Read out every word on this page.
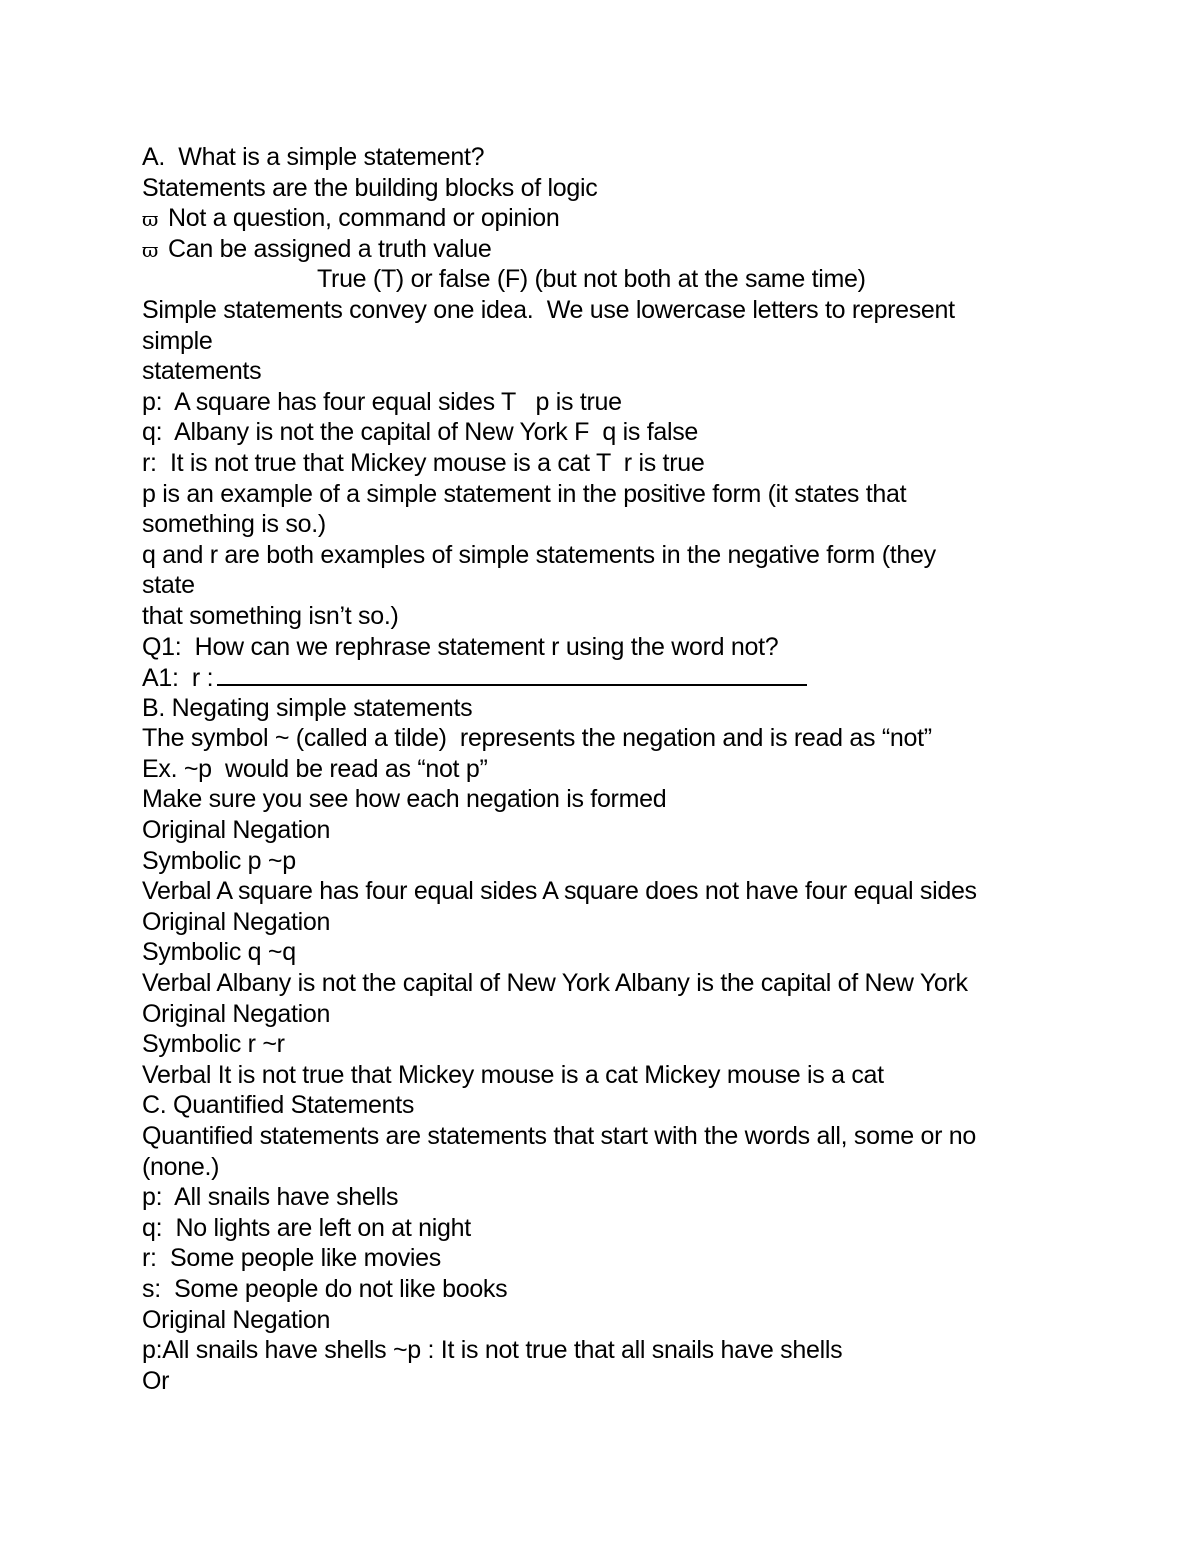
A.  What is a simple statement?
Statements are the building blocks of logic
ϖ Not a question, command or opinion
ϖ Can be assigned a truth value
True (T) or false (F) (but not both at the same time)
Simple statements convey one idea.  We use lowercase letters to represent
simple
statements
p:  A square has four equal sides T   p is true
q:  Albany is not the capital of New York F  q is false
r:  It is not true that Mickey mouse is a cat T  r is true
p is an example of a simple statement in the positive form (it states that
something is so.)
q and r are both examples of simple statements in the negative form (they
state
that something isn’t so.)
Q1:  How can we rephrase statement r using the word not?
A1:  r :
B. Negating simple statements
The symbol ~ (called a tilde)  represents the negation and is read as “not”
Ex. ~p  would be read as “not p”
Make sure you see how each negation is formed
Original Negation
Symbolic p ~p
Verbal A square has four equal sides A square does not have four equal sides
Original Negation
Symbolic q ~q
Verbal Albany is not the capital of New York Albany is the capital of New York
Original Negation
Symbolic r ~r
Verbal It is not true that Mickey mouse is a cat Mickey mouse is a cat
C. Quantified Statements
Quantified statements are statements that start with the words all, some or no
(none.)
p:  All snails have shells
q:  No lights are left on at night
r:  Some people like movies
s:  Some people do not like books
Original Negation
p:All snails have shells ~p : It is not true that all snails have shells
Or
